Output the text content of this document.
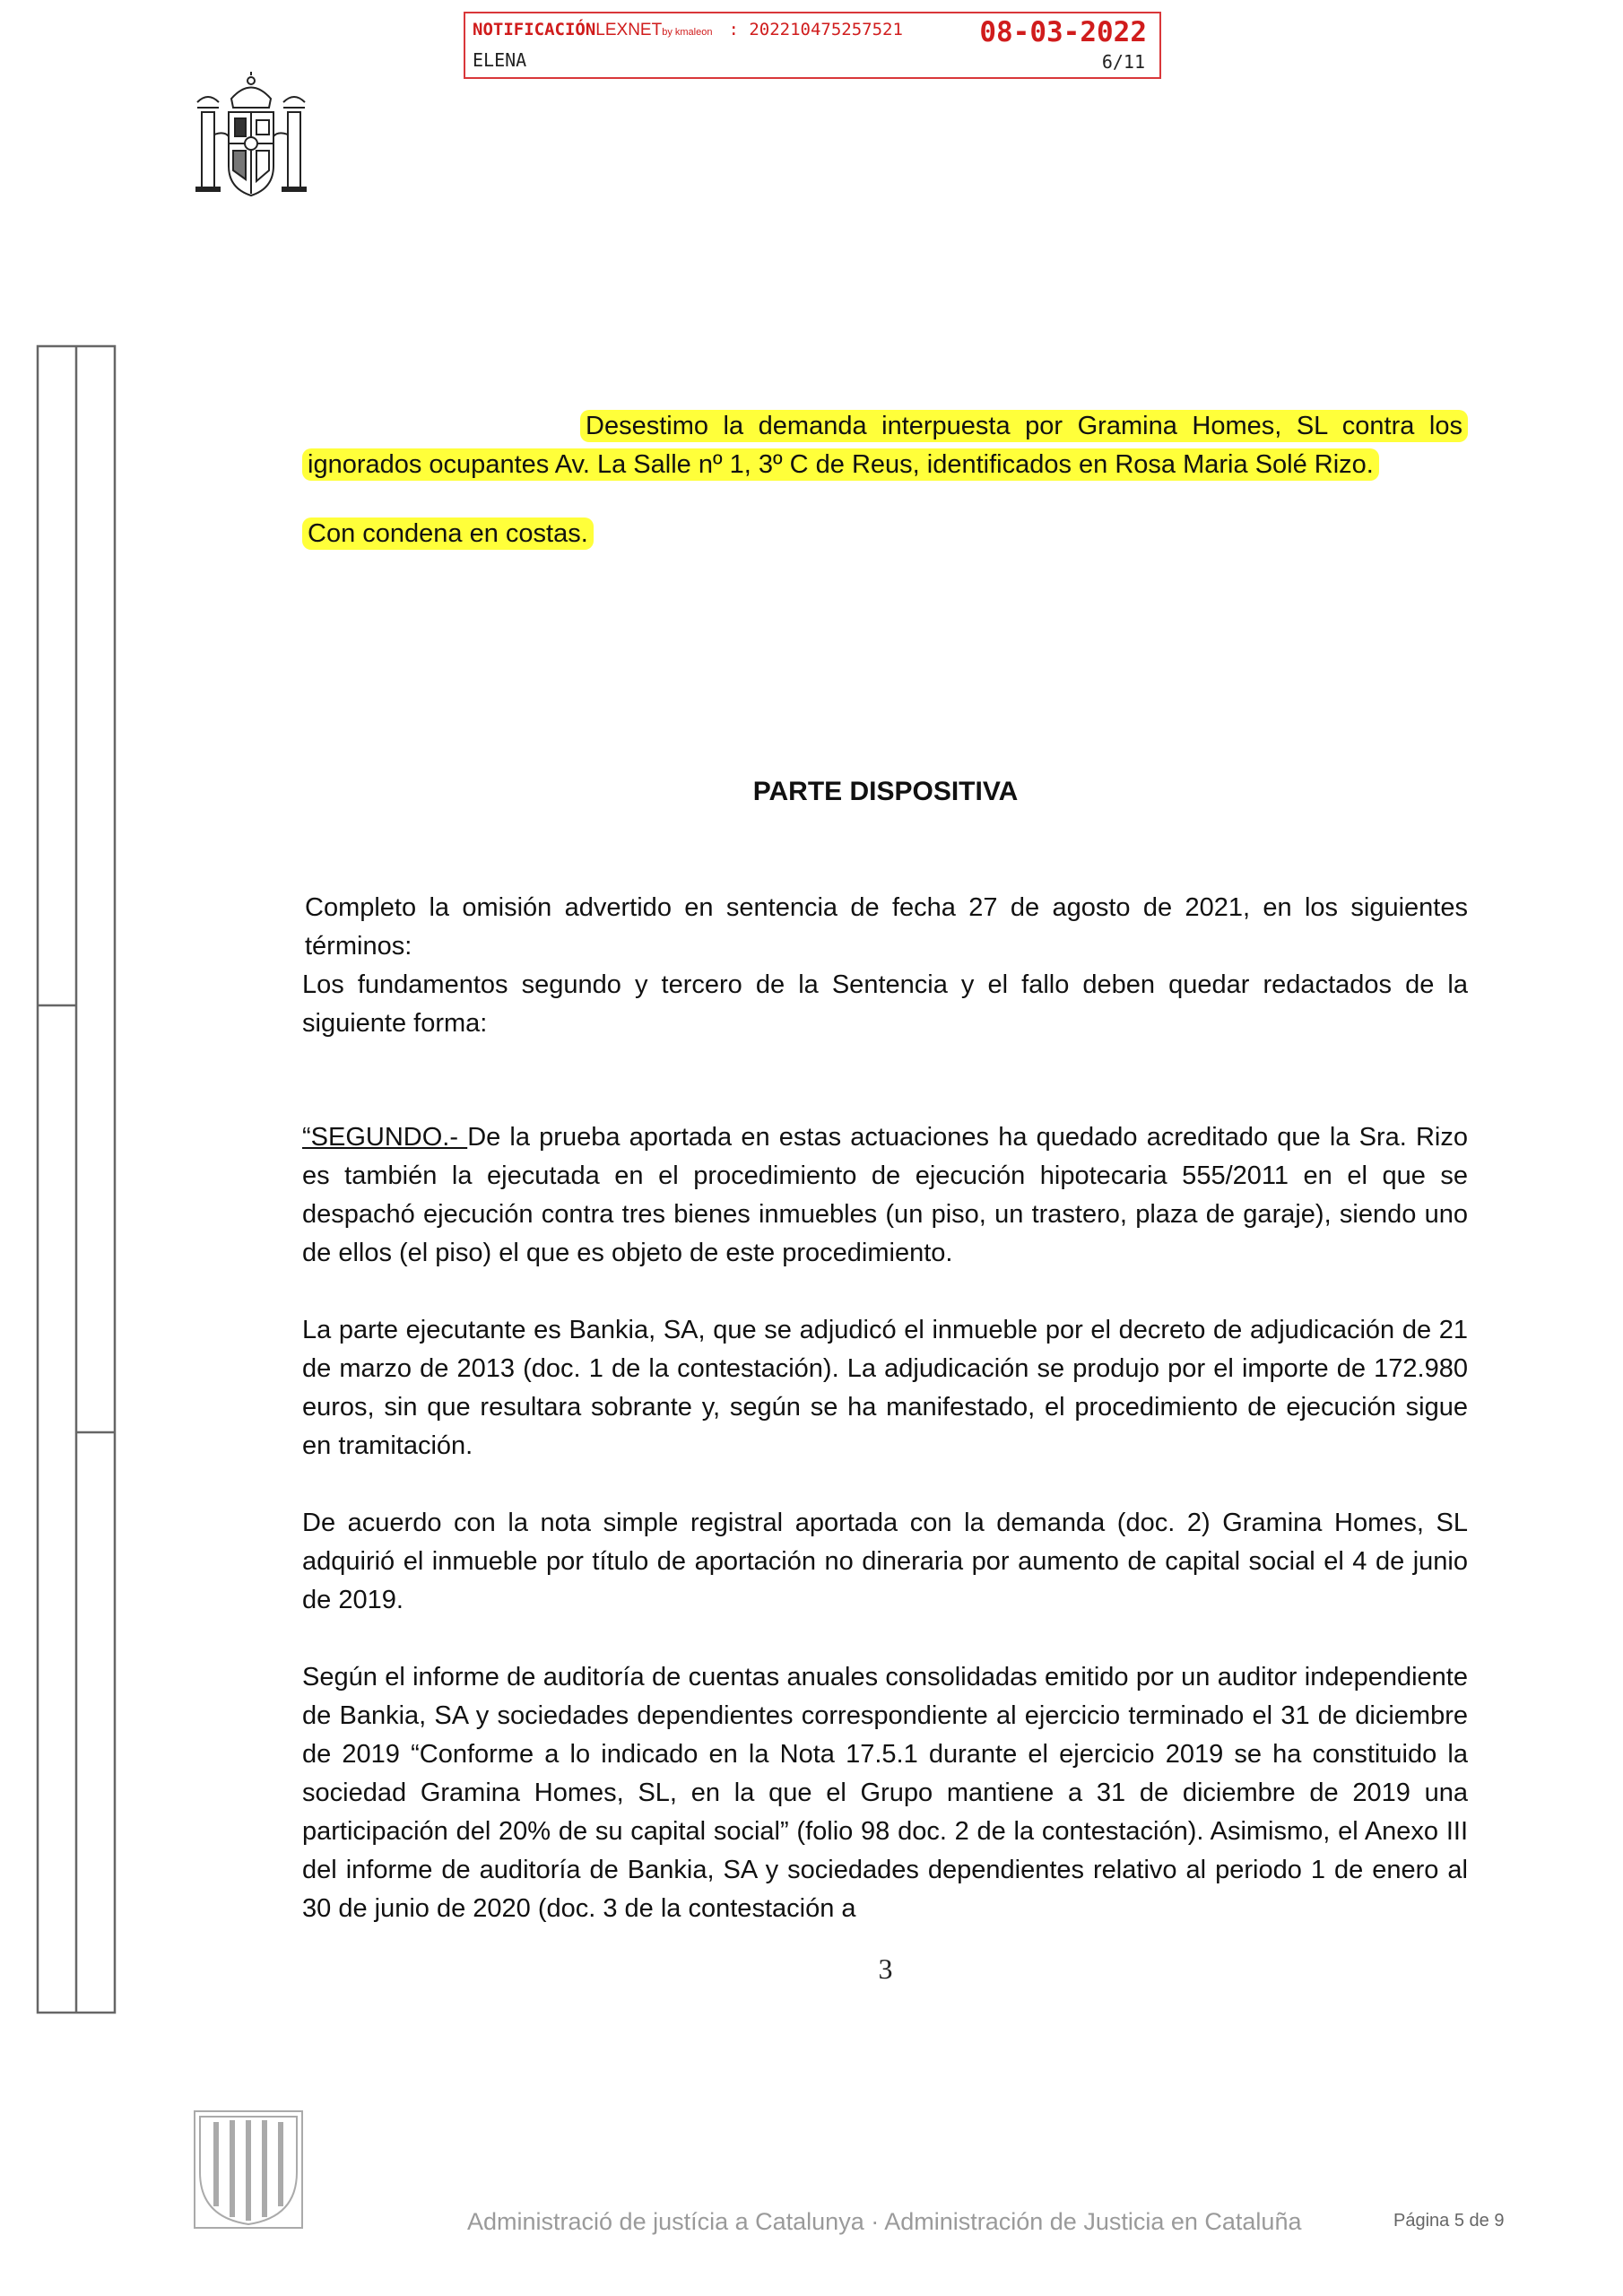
NOTIFICACIÓNLEXNETby kmaleon : 202210475257521	08-03-2022
ELENA	6/11
Desestimo la demanda interpuesta por Gramina Homes, SL contra los ignorados ocupantes Av. La Salle nº 1, 3º C de Reus, identificados en Rosa Maria Solé Rizo.
Con condena en costas.
PARTE DISPOSITIVA
Completo la omisión advertido en sentencia de fecha 27 de agosto de 2021, en los siguientes términos:
Los fundamentos segundo y tercero de la Sentencia y el fallo deben quedar redactados de la siguiente forma:
“SEGUNDO.- De la prueba aportada en estas actuaciones ha quedado acreditado que la Sra. Rizo es también la ejecutada en el procedimiento de ejecución hipotecaria 555/2011 en el que se despachó ejecución contra tres bienes inmuebles (un piso, un trastero, plaza de garaje), siendo uno de ellos (el piso) el que es objeto de este procedimiento.
La parte ejecutante es Bankia, SA, que se adjudicó el inmueble por el decreto de adjudicación de 21 de marzo de 2013 (doc. 1 de la contestación). La adjudicación se produjo por el importe de 172.980 euros, sin que resultara sobrante y, según se ha manifestado, el procedimiento de ejecución sigue en tramitación.
De acuerdo con la nota simple registral aportada con la demanda (doc. 2) Gramina Homes, SL adquirió el inmueble por título de aportación no dineraria por aumento de capital social el 4 de junio de 2019.
Según el informe de auditoría de cuentas anuales consolidadas emitido por un auditor independiente de Bankia, SA y sociedades dependientes correspondiente al ejercicio terminado el 31 de diciembre de 2019 “Conforme a lo indicado en la Nota 17.5.1 durante el ejercicio 2019 se ha constituido la sociedad Gramina Homes, SL, en la que el Grupo mantiene a 31 de diciembre de 2019 una participación del 20% de su capital social” (folio 98 doc. 2 de la contestación). Asimismo, el Anexo III del informe de auditoría de Bankia, SA y sociedades dependientes relativo al periodo 1 de enero al 30 de junio de 2020 (doc. 3 de la contestación a
3
Administració de justícia a Catalunya · Administración de Justicia en Cataluña	Página 5 de 9
